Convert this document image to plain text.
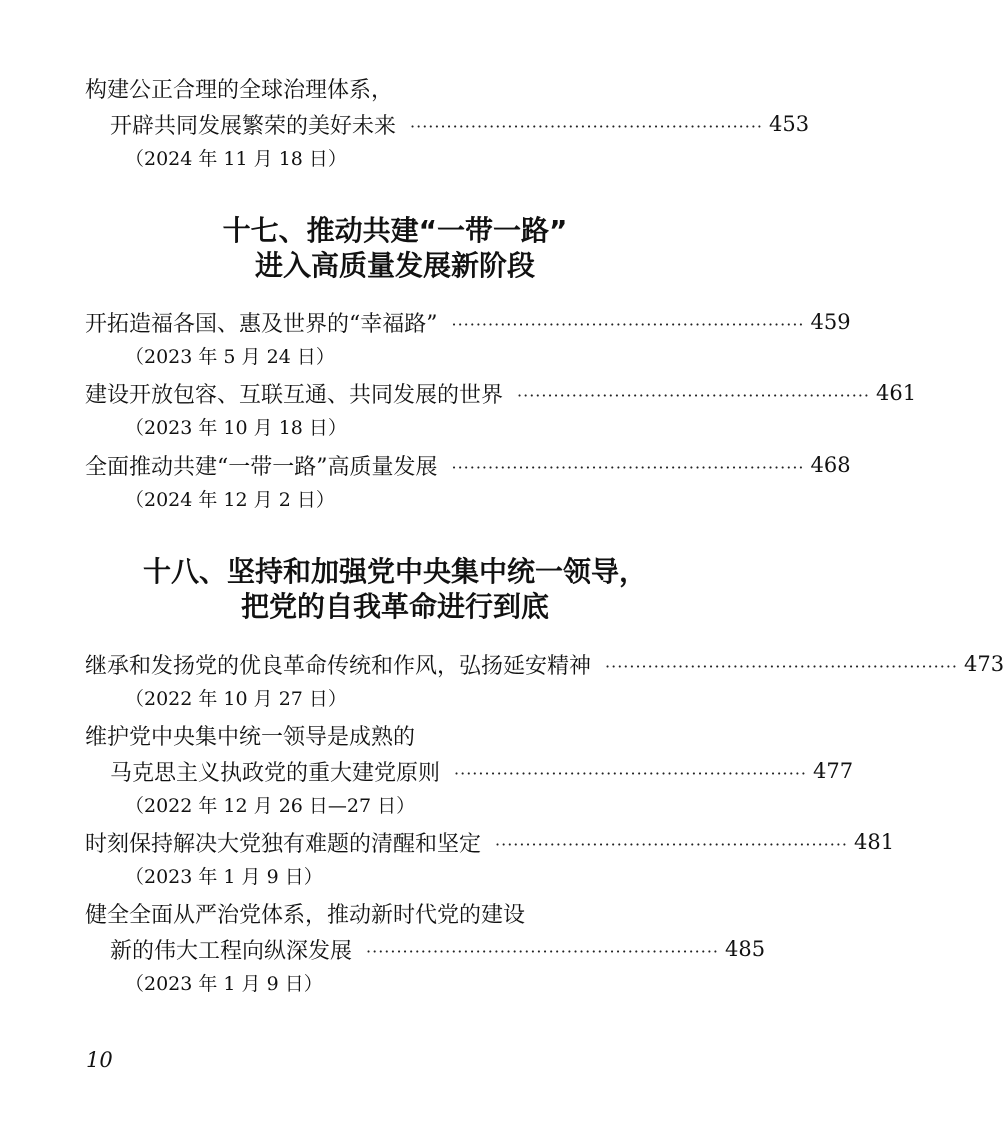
构建公正合理的全球治理体系，
开辟共同发展繁荣的美好未来 ·························································· 453
（2024 年 11 月 18 日）
十七、推动共建“一带一路”
进入高质量发展新阶段
开拓造福各国、惠及世界的“幸福路” ·························································· 459
（2023 年 5 月 24 日）
建设开放包容、互联互通、共同发展的世界 ·························································· 461
（2023 年 10 月 18 日）
全面推动共建“一带一路”高质量发展 ·························································· 468
（2024 年 12 月 2 日）
十八、坚持和加强党中央集中统一领导，
把党的自我革命进行到底
继承和发扬党的优良革命传统和作风，弘扬延安精神 ·························································· 473
（2022 年 10 月 27 日）
维护党中央集中统一领导是成熟的
马克思主义执政党的重大建党原则 ·························································· 477
（2022 年 12 月 26 日—27 日）
时刻保持解决大党独有难题的清醒和坚定 ·························································· 481
（2023 年 1 月 9 日）
健全全面从严治党体系，推动新时代党的建设
新的伟大工程向纵深发展 ·························································· 485
（2023 年 1 月 9 日）
10
